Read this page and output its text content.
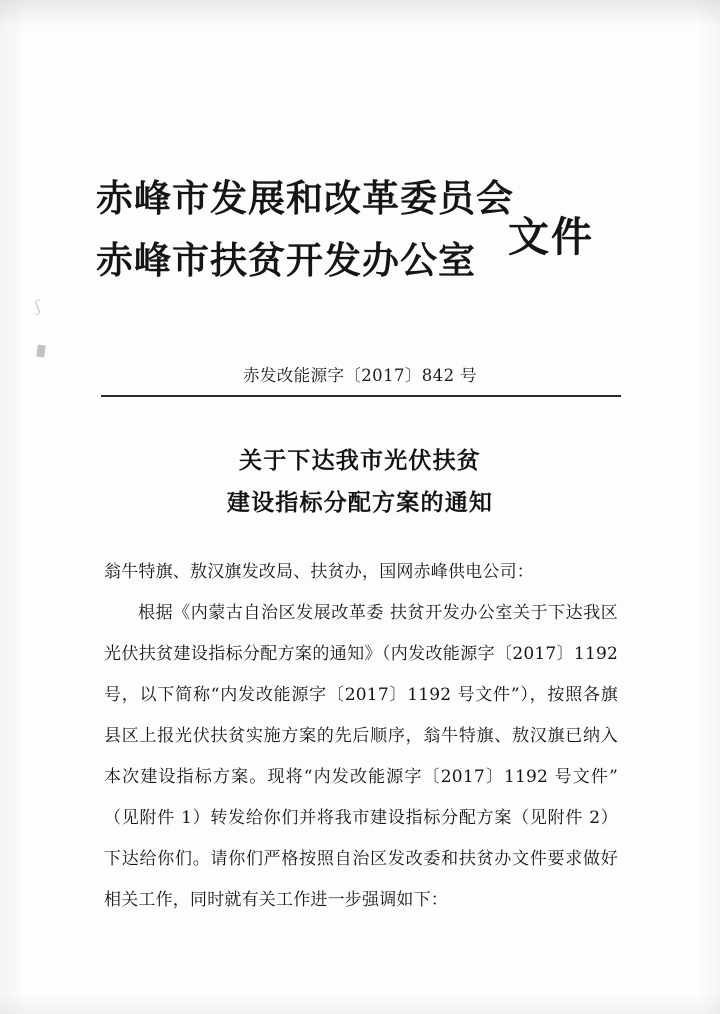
ʃ
赤峰市发展和改革委员会
赤峰市扶贫开发办公室 文件
赤发改能源字〔2017〕842 号
关于下达我市光伏扶贫
建设指标分配方案的通知

翁牛特旗、敖汉旗发改局、扶贫办，国网赤峰供电公司：

根据《内蒙古自治区发展改革委 扶贫开发办公室关于下达我区光伏扶贫建设指标分配方案的通知》（内发改能源字〔2017〕1192 号，以下简称“内发改能源字〔2017〕1192 号文件”），按照各旗县区上报光伏扶贫实施方案的先后顺序，翁牛特旗、敖汉旗已纳入本次建设指标方案。现将“内发改能源字〔2017〕1192 号文件”（见附件 1）转发给你们并将我市建设指标分配方案（见附件 2）下达给你们。请你们严格按照自治区发改委和扶贫办文件要求做好相关工作，同时就有关工作进一步强调如下：
